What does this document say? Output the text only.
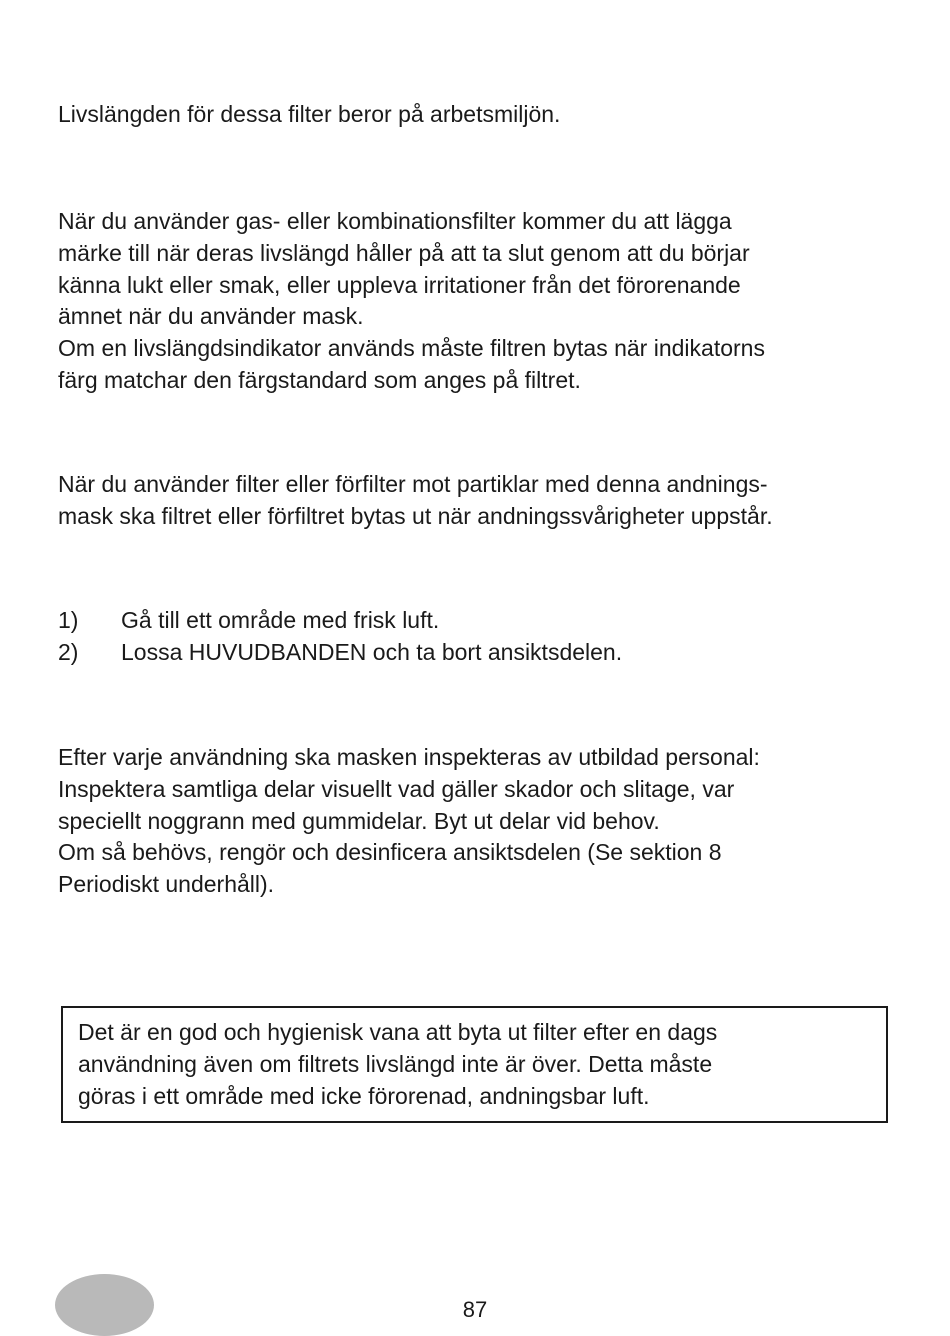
Livslängden för dessa filter beror på arbetsmiljön.

När du använder gas- eller kombinationsfilter kommer du att lägga

märke till när deras livslängd håller på att ta slut genom att du börjar

känna lukt eller smak, eller uppleva irritationer från det förorenande

ämnet när du använder mask.

Om en livslängdsindikator används måste filtren bytas när indikatorns

färg matchar den färgstandard som anges på filtret.

När du använder filter eller förfilter mot partiklar med denna andnings-

mask ska filtret eller förfiltret bytas ut när andningssvårigheter uppstår.

1)	Gå till ett område med frisk luft.
2)	Lossa HUVUDBANDEN och ta bort ansiktsdelen.

Efter varje användning ska masken inspekteras av utbildad personal:

Inspektera samtliga delar visuellt vad gäller skador och slitage, var

speciellt noggrann med gummidelar. Byt ut delar vid behov.

Om så behövs, rengör och desinficera ansiktsdelen (Se sektion 8

Periodiskt underhåll).

Det är en god och hygienisk vana att byta ut filter efter en dags

användning även om filtrets livslängd inte är över. Detta måste

göras i ett område med icke förorenad, andningsbar luft.

87
